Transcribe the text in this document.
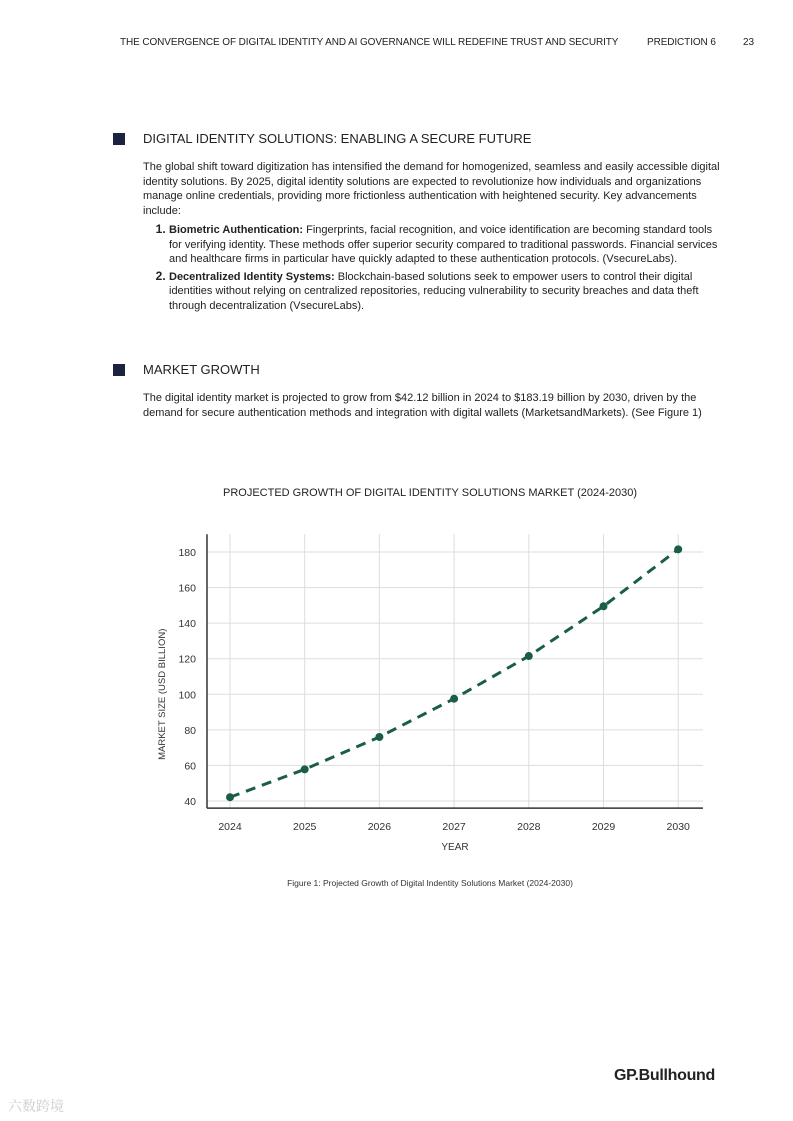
THE CONVERGENCE OF DIGITAL IDENTITY AND AI GOVERNANCE WILL REDEFINE TRUST AND SECURITY	PREDICTION 6	23
DIGITAL IDENTITY SOLUTIONS: ENABLING A SECURE FUTURE
The global shift toward digitization has intensified the demand for homogenized, seamless and easily accessible digital identity solutions. By 2025, digital identity solutions are expected to revolutionize how individuals and organizations manage online credentials, providing more frictionless authentication with heightened security. Key advancements include:
1. Biometric Authentication: Fingerprints, facial recognition, and voice identification are becoming standard tools for verifying identity. These methods offer superior security compared to traditional passwords. Financial services and healthcare firms in particular have quickly adapted to these authentication protocols. (VsecureLabs).
2. Decentralized Identity Systems: Blockchain-based solutions seek to empower users to control their digital identities without relying on centralized repositories, reducing vulnerability to security breaches and data theft through decentralization (VsecureLabs).
MARKET GROWTH
The digital identity market is projected to grow from $42.12 billion in 2024 to $183.19 billion by 2030, driven by the demand for secure authentication methods and integration with digital wallets (MarketsandMarkets). (See Figure 1)
PROJECTED GROWTH OF DIGITAL IDENTITY SOLUTIONS MARKET (2024-2030)
40
60
80
100
120
140
160
180
2024	2025	2026	2027	2028	2029	2030
YEAR
MARKET SIZE (USD BILLION)
Figure 1: Projected Growth of Digital Indentity Solutions Market (2024-2030)
GP.Bullhound
六数跨境
